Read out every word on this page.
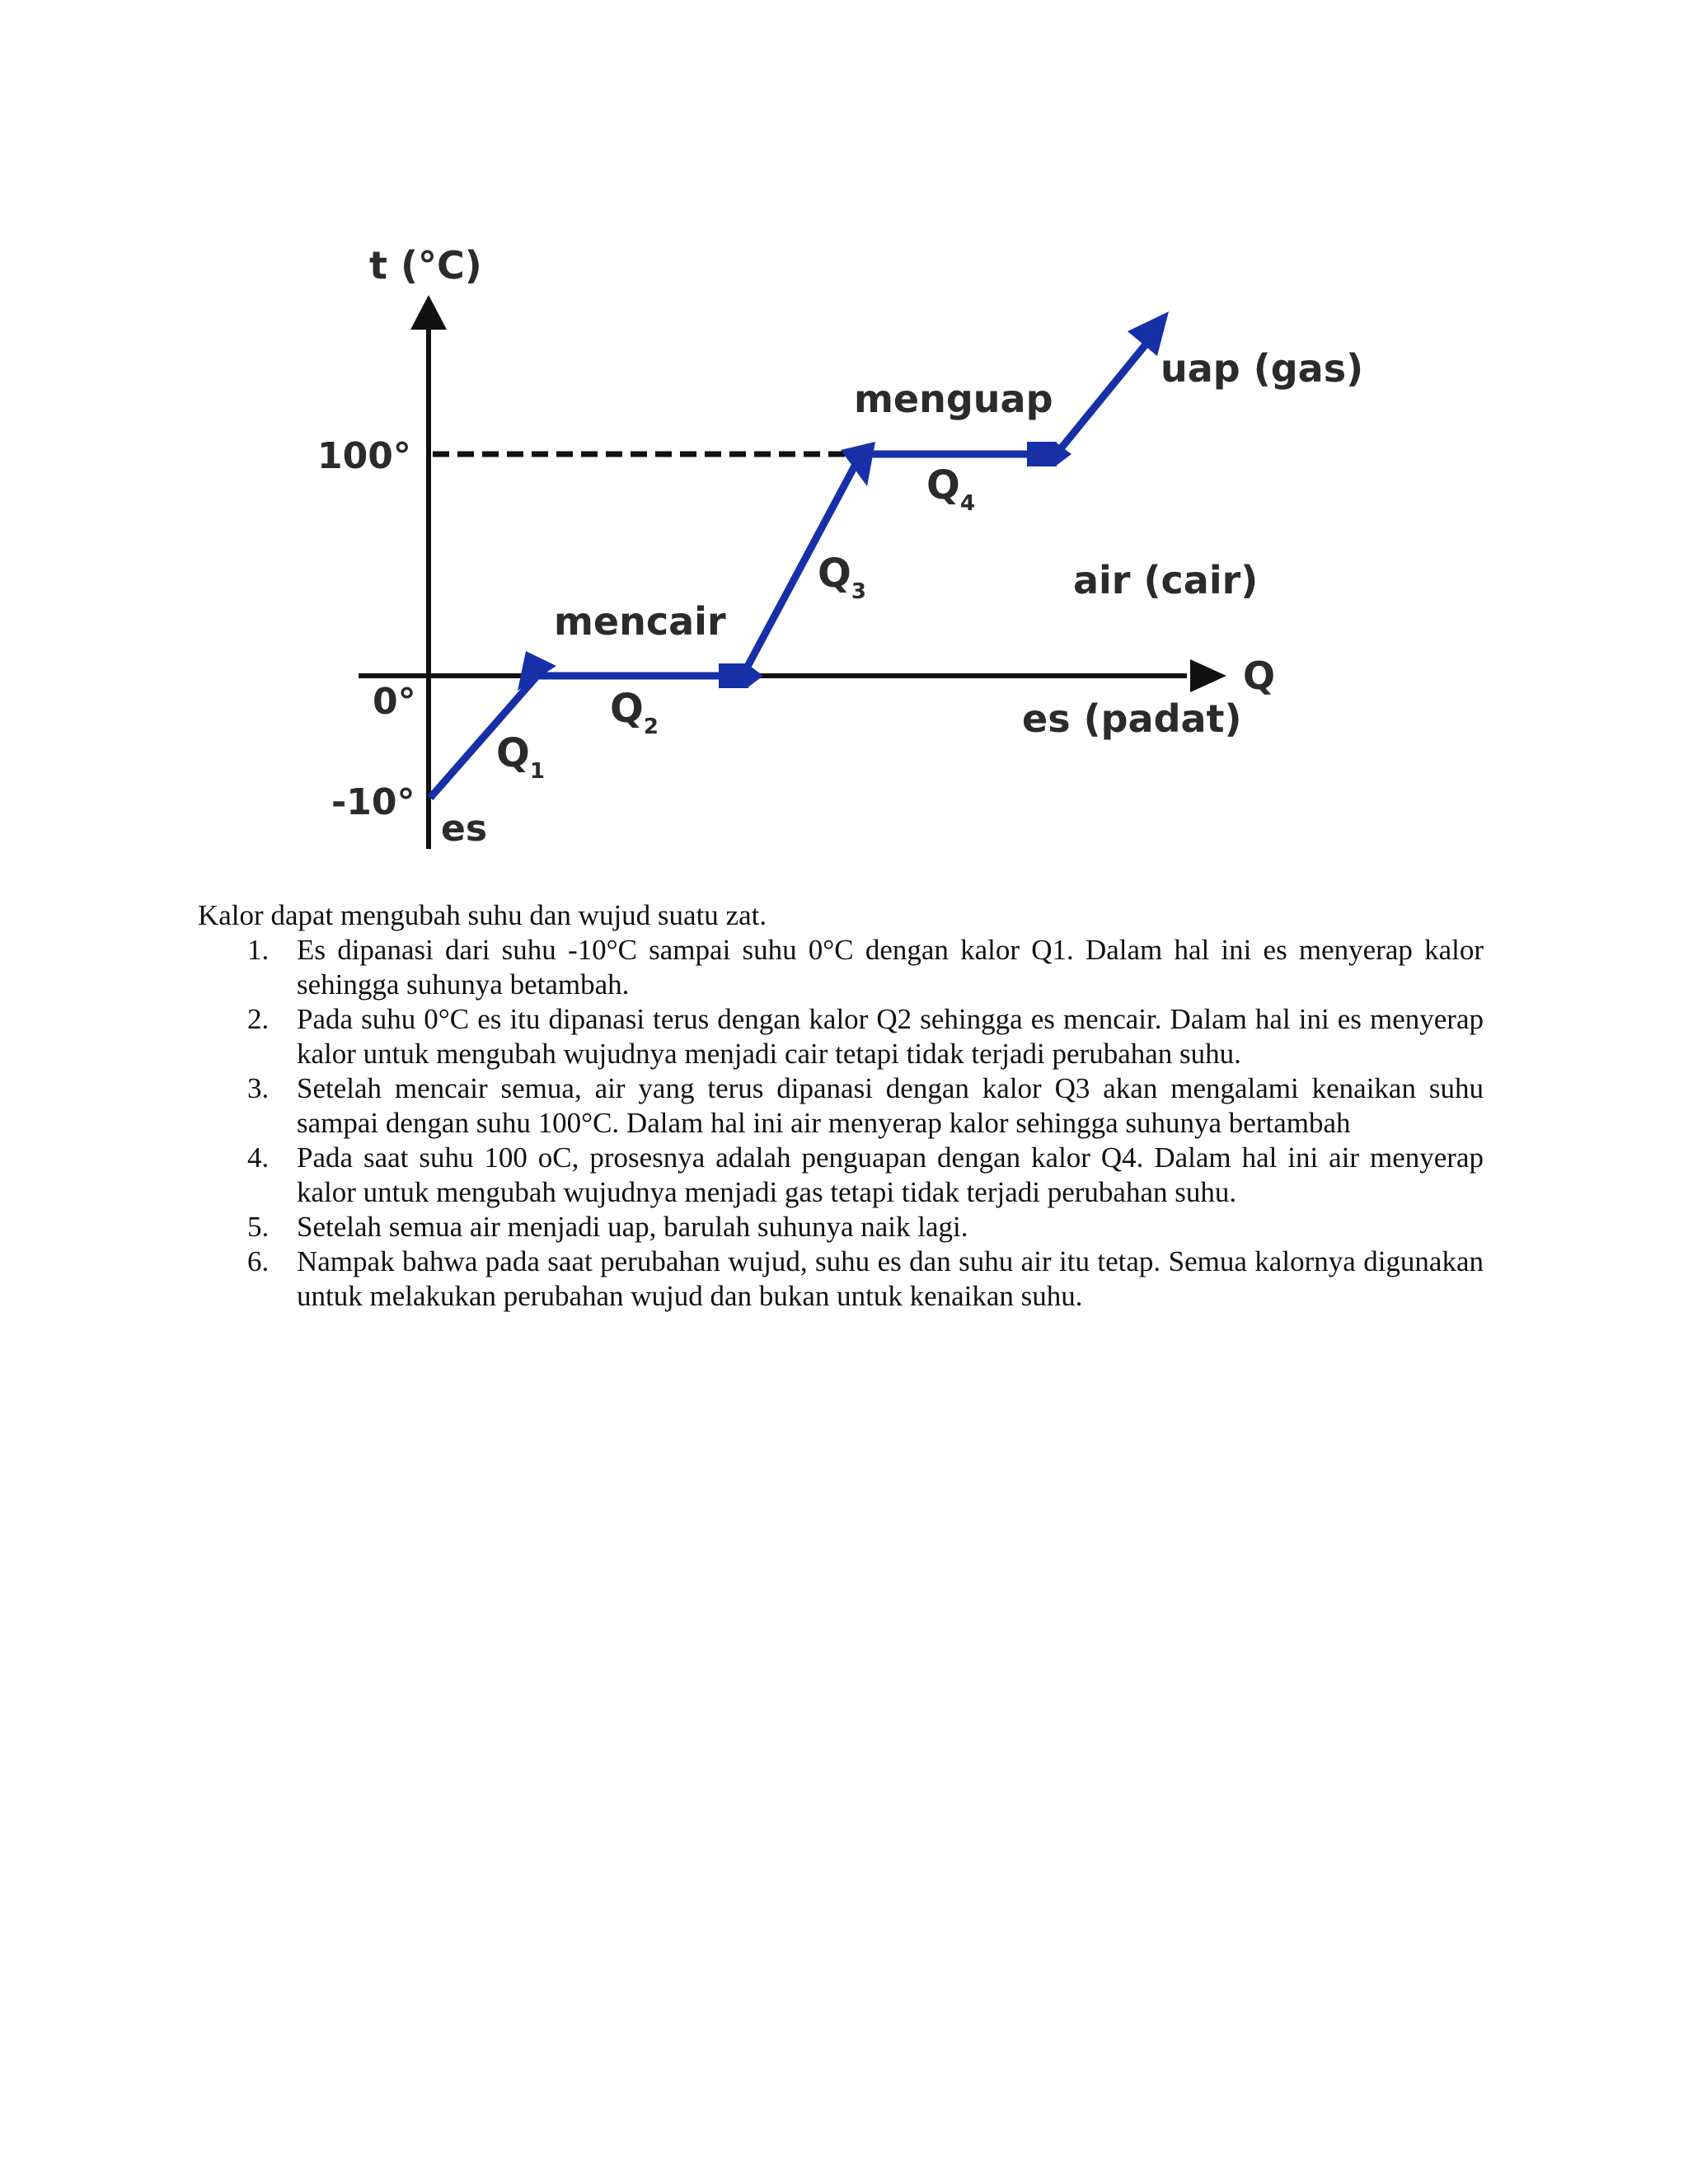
t (°C)
Q
100°
0°
-10°
es
mencair
menguap
uap (gas)
air (cair)
es (padat)
$Q_1$
$Q_2$
$Q_3$
$Q_4$

Kalor dapat mengubah suhu dan wujud suatu zat.

1. Es dipanasi dari suhu -10°C sampai suhu 0°C dengan kalor Q1. Dalam hal ini es menyerap kalor sehingga suhunya betambah.
2. Pada suhu 0°C es itu dipanasi terus dengan kalor Q2 sehingga es mencair. Dalam hal ini es menyerap kalor untuk mengubah wujudnya menjadi cair tetapi tidak terjadi perubahan suhu.
3. Setelah mencair semua, air yang terus dipanasi dengan kalor Q3 akan mengalami kenaikan suhu sampai dengan suhu 100°C. Dalam hal ini air menyerap kalor sehingga suhunya bertambah
4. Pada saat suhu 100 oC, prosesnya adalah penguapan dengan kalor Q4. Dalam hal ini air menyerap kalor untuk mengubah wujudnya menjadi gas tetapi tidak terjadi perubahan suhu.
5. Setelah semua air menjadi uap, barulah suhunya naik lagi.
6. Nampak bahwa pada saat perubahan wujud, suhu es dan suhu air itu tetap. Semua kalornya digunakan untuk melakukan perubahan wujud dan bukan untuk kenaikan suhu.
